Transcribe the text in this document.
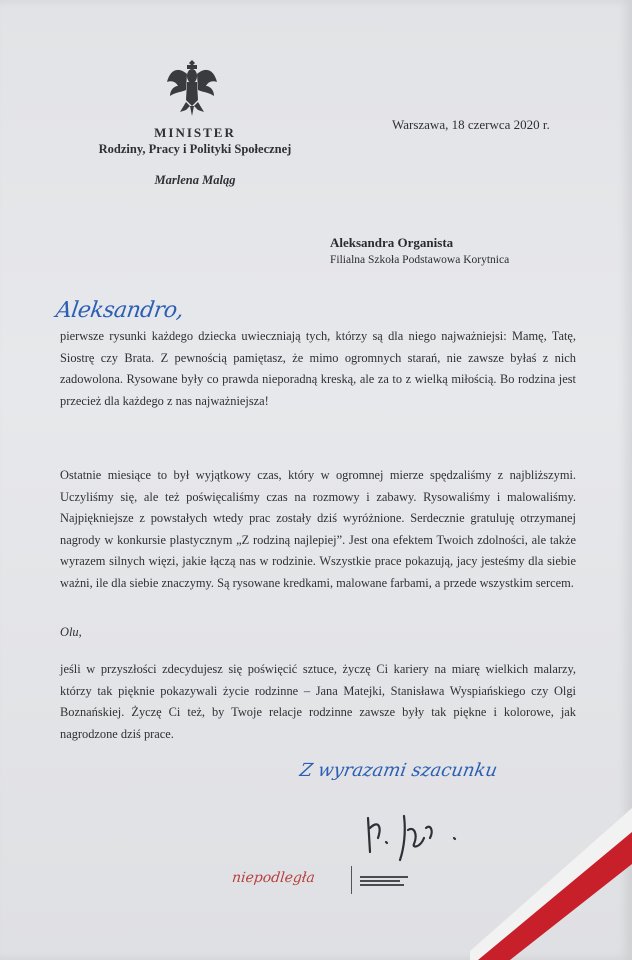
MINISTER
Rodziny, Pracy i Polityki Społecznej
Marlena Maląg
Warszawa, 18 czerwca 2020 r.
Aleksandra Organista
Filialna Szkoła Podstawowa Korytnica
Aleksandro,
pierwsze rysunki każdego dziecka uwieczniają tych, którzy są dla niego najważniejsi: Mamę, Tatę, Siostrę czy Brata. Z pewnością pamiętasz, że mimo ogromnych starań, nie zawsze byłaś z nich zadowolona. Rysowane były co prawda nieporadną kreską, ale za to z wielką miłością. Bo rodzina jest przecież dla każdego z nas najważniejsza!
Ostatnie miesiące to był wyjątkowy czas, który w ogromnej mierze spędzaliśmy z najbliższymi. Uczyliśmy się, ale też poświęcaliśmy czas na rozmowy i zabawy. Rysowaliśmy i malowaliśmy. Najpiękniejsze z powstałych wtedy prac zostały dziś wyróżnione. Serdecznie gratuluję otrzymanej nagrody w konkursie plastycznym „Z rodziną najlepiej”. Jest ona efektem Twoich zdolności, ale także wyrazem silnych więzi, jakie łączą nas w rodzinie. Wszystkie prace pokazują, jacy jesteśmy dla siebie ważni, ile dla siebie znaczymy. Są rysowane kredkami, malowane farbami, a przede wszystkim sercem.
Olu,
jeśli w przyszłości zdecydujesz się poświęcić sztuce, życzę Ci kariery na miarę wielkich malarzy, którzy tak pięknie pokazywali życie rodzinne – Jana Matejki, Stanisława Wyspiańskiego czy Olgi Boznańskiej. Życzę Ci też, by Twoje relacje rodzinne zawsze były tak piękne i kolorowe, jak nagrodzone dziś prace.
Z wyrazami szacunku
niepodległa
